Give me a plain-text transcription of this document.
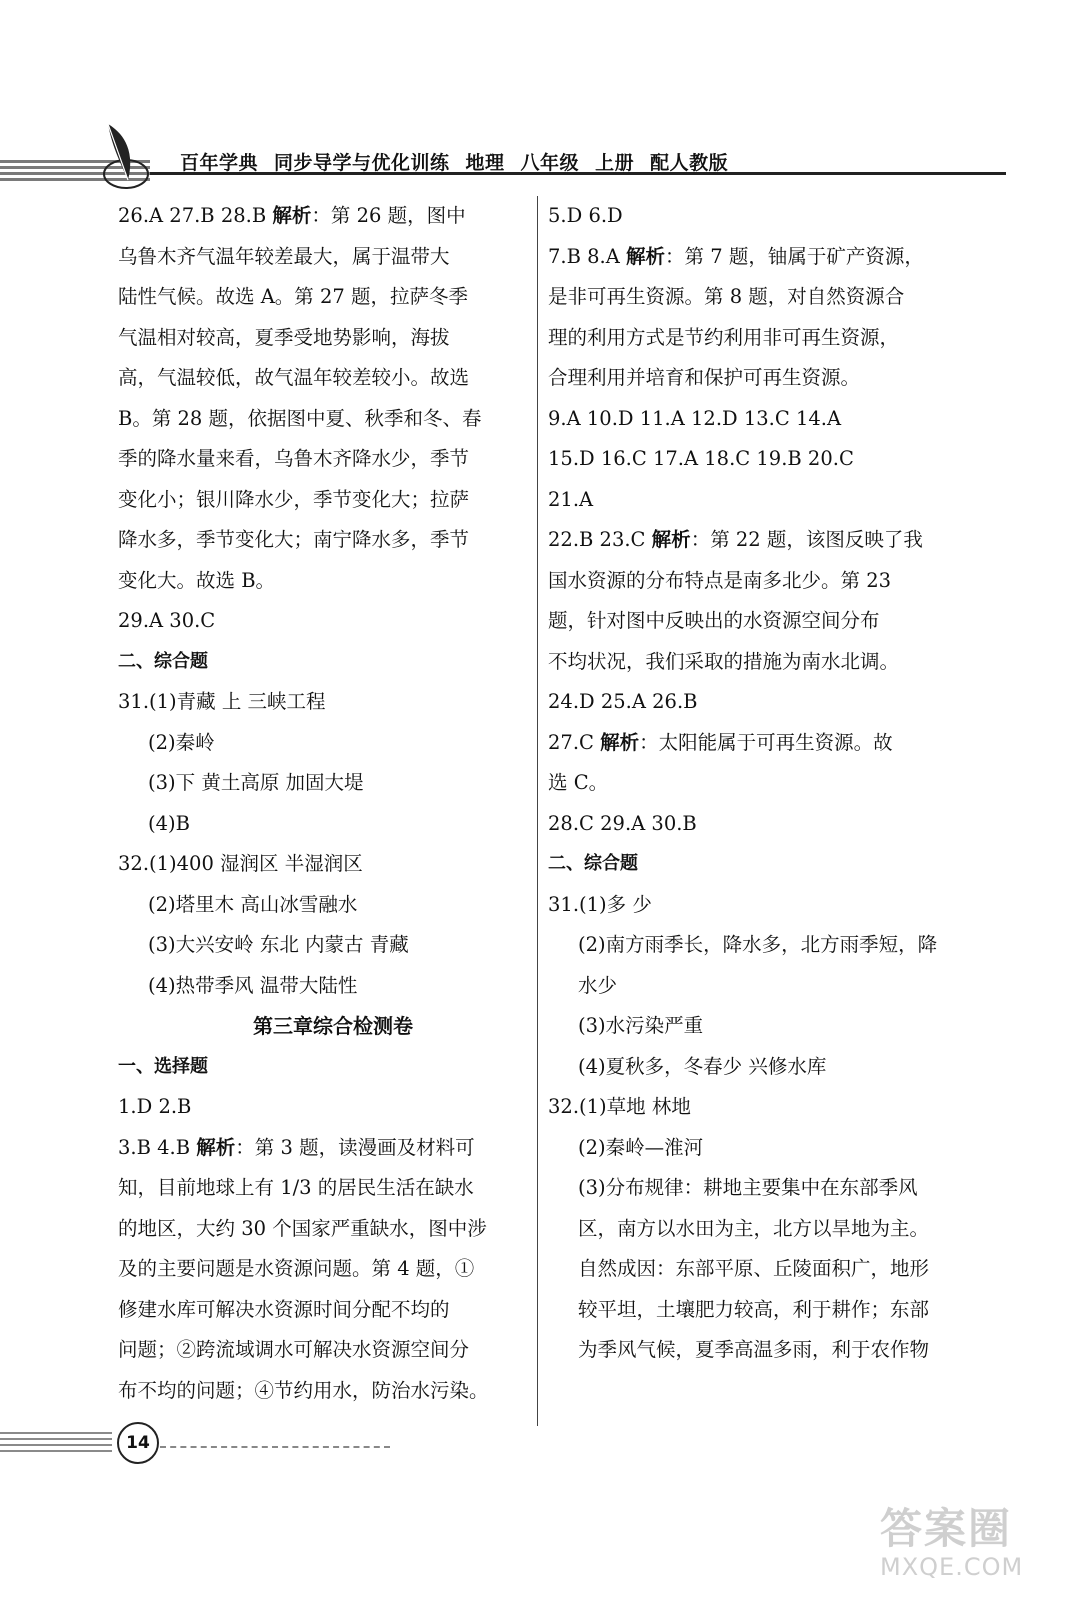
百年学典 同步导学与优化训练 地理 八年级 上册 配人教版
26.A 27.B 28.B 解析：第 26 题，图中
乌鲁木齐气温年较差最大，属于温带大
陆性气候。故选 A。第 27 题，拉萨冬季
气温相对较高，夏季受地势影响，海拔
高，气温较低，故气温年较差较小。故选
B。第 28 题，依据图中夏、秋季和冬、春
季的降水量来看，乌鲁木齐降水少，季节
变化小；银川降水少，季节变化大；拉萨
降水多，季节变化大；南宁降水多，季节
变化大。故选 B。
29.A 30.C
二、综合题
31.(1)青藏 上 三峡工程
(2)秦岭
(3)下 黄土高原 加固大堤
(4)B
32.(1)400 湿润区 半湿润区
(2)塔里木 高山冰雪融水
(3)大兴安岭 东北 内蒙古 青藏
(4)热带季风 温带大陆性
第三章综合检测卷
一、选择题
1.D 2.B
3.B 4.B 解析：第 3 题，读漫画及材料可
知，目前地球上有 1/3 的居民生活在缺水
的地区，大约 30 个国家严重缺水，图中涉
及的主要问题是水资源问题。第 4 题，①
修建水库可解决水资源时间分配不均的
问题；②跨流域调水可解决水资源空间分
布不均的问题；④节约用水，防治水污染。
5.D 6.D
7.B 8.A 解析：第 7 题，铀属于矿产资源，
是非可再生资源。第 8 题，对自然资源合
理的利用方式是节约利用非可再生资源，
合理利用并培育和保护可再生资源。
9.A 10.D 11.A 12.D 13.C 14.A
15.D 16.C 17.A 18.C 19.B 20.C
21.A
22.B 23.C 解析：第 22 题，该图反映了我
国水资源的分布特点是南多北少。第 23
题，针对图中反映出的水资源空间分布
不均状况，我们采取的措施为南水北调。
24.D 25.A 26.B
27.C 解析：太阳能属于可再生资源。故
选 C。
28.C 29.A 30.B
二、综合题
31.(1)多 少
(2)南方雨季长，降水多，北方雨季短，降
水少
(3)水污染严重
(4)夏秋多，冬春少 兴修水库
32.(1)草地 林地
(2)秦岭—淮河
(3)分布规律：耕地主要集中在东部季风
区，南方以水田为主，北方以旱地为主。
自然成因：东部平原、丘陵面积广，地形
较平坦，土壤肥力较高，利于耕作；东部
为季风气候，夏季高温多雨，利于农作物
14
答案圈
MXQE.COM
